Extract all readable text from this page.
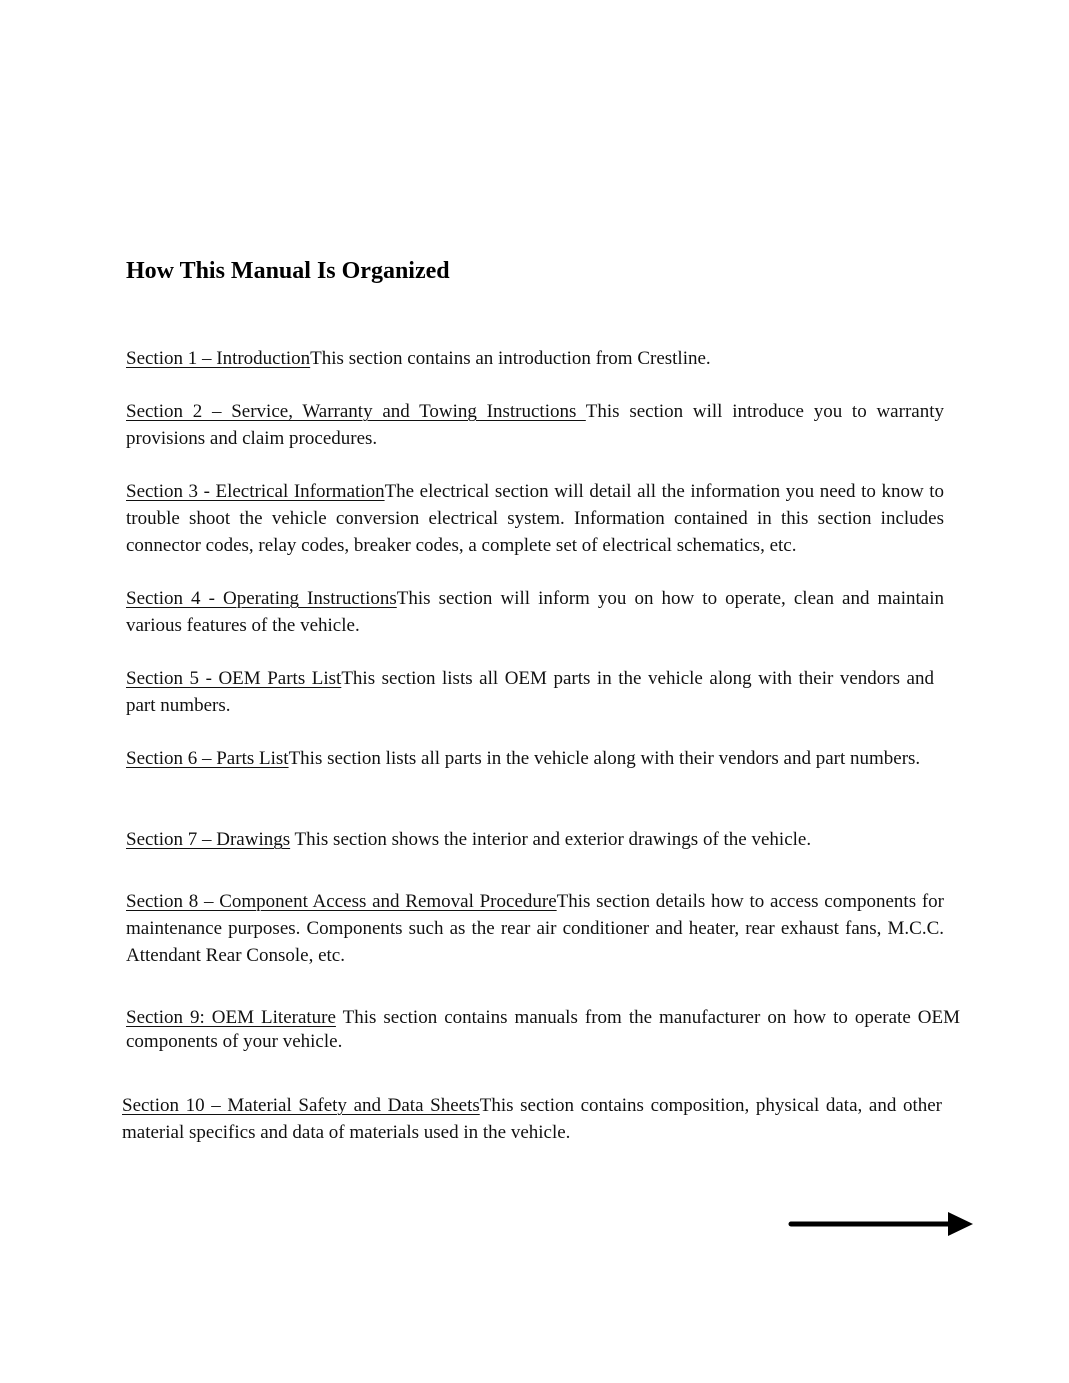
How This Manual Is Organized

Section 1 – IntroductionThis section contains an introduction from Crestline.

Section 2 – Service, Warranty and Towing Instructions This section will introduce you to warranty provisions and claim procedures.

Section 3 - Electrical InformationThe electrical section will detail all the information you need to know to trouble shoot the vehicle conversion electrical system. Information contained in this section includes connector codes, relay codes, breaker codes, a complete set of electrical schematics, etc.

Section 4 - Operating InstructionsThis section will inform you on how to operate, clean and maintain various features of the vehicle.

Section 5 - OEM Parts ListThis section lists all OEM parts in the vehicle along with their vendors and part numbers.

Section 6 – Parts ListThis section lists all parts in the vehicle along with their vendors and part numbers.

Section 7 – Drawings This section shows the interior and exterior drawings of the vehicle.

Section 8 – Component Access and Removal ProcedureThis section details how to access components for maintenance purposes. Components such as the rear air conditioner and heater, rear exhaust fans, M.C.C. Attendant Rear Console, etc.

Section 9: OEM Literature This section contains manuals from the manufacturer on how to operate OEM components of your vehicle.

Section 10 – Material Safety and Data SheetsThis section contains composition, physical data, and other material specifics and data of materials used in the vehicle.
